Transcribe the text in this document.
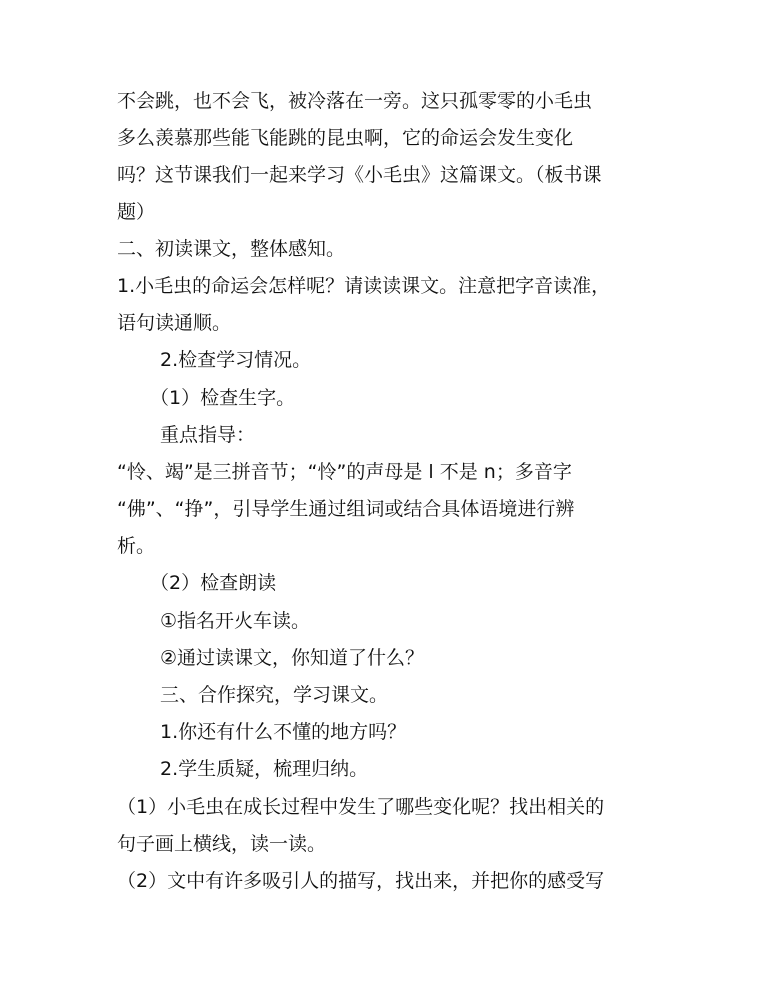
不会跳，也不会飞，被冷落在一旁。这只孤零零的小毛虫
多么羡慕那些能飞能跳的昆虫啊，它的命运会发生变化
吗？这节课我们一起来学习《小毛虫》这篇课文。（板书课
题）
二、初读课文，整体感知。
1.小毛虫的命运会怎样呢？请读读课文。注意把字音读准，
语句读通顺。
2.检查学习情况。
（1）检查生字。
重点指导：
“怜、竭”是三拼音节；“怜”的声母是 l 不是 n；多音字
“佛”、“挣”，引导学生通过组词或结合具体语境进行辨
析。
（2）检查朗读
①指名开火车读。
②通过读课文，你知道了什么？
三、合作探究，学习课文。
1.你还有什么不懂的地方吗？
2.学生质疑，梳理归纳。
（1）小毛虫在成长过程中发生了哪些变化呢？找出相关的
句子画上横线，读一读。
（2）文中有许多吸引人的描写，找出来，并把你的感受写
